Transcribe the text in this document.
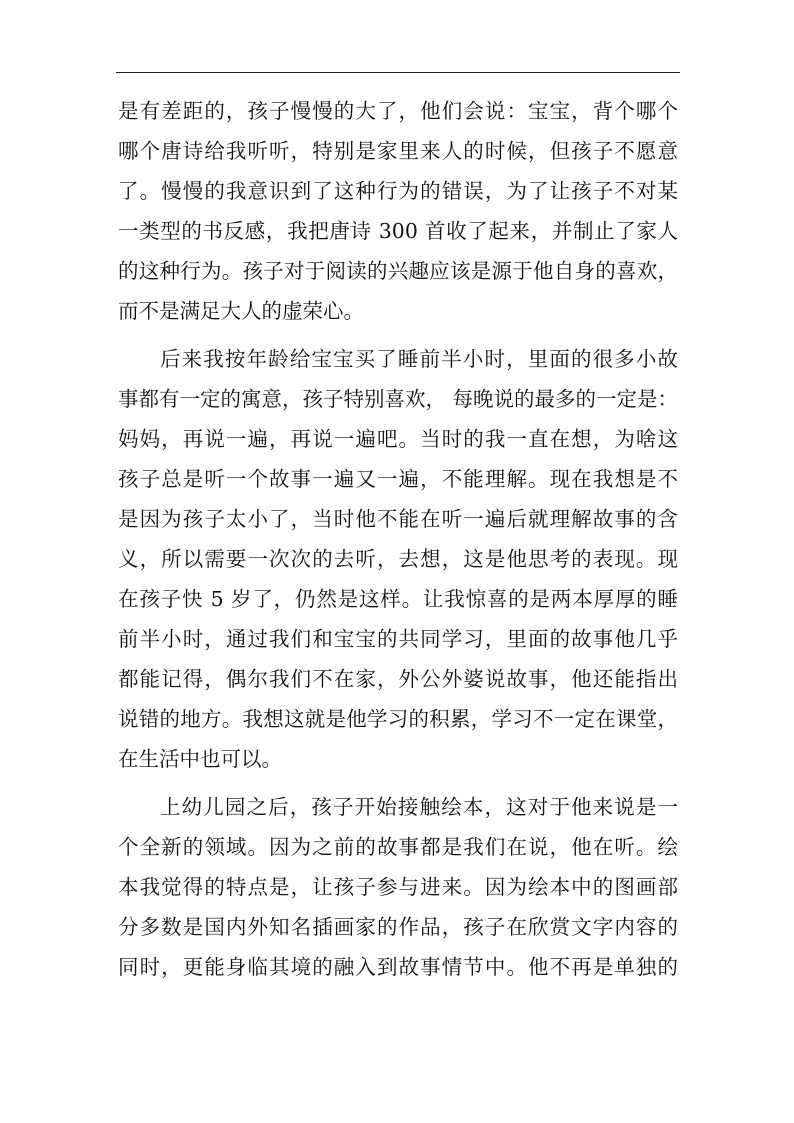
是有差距的，孩子慢慢的大了，他们会说：宝宝，背个哪个
哪个唐诗给我听听，特别是家里来人的时候，但孩子不愿意
了。慢慢的我意识到了这种行为的错误，为了让孩子不对某
一类型的书反感，我把唐诗 300 首收了起来，并制止了家人
的这种行为。孩子对于阅读的兴趣应该是源于他自身的喜欢，
而不是满足大人的虚荣心。
后来我按年龄给宝宝买了睡前半小时，里面的很多小故
事都有一定的寓意，孩子特别喜欢， 每晚说的最多的一定是：
妈妈，再说一遍，再说一遍吧。当时的我一直在想，为啥这
孩子总是听一个故事一遍又一遍，不能理解。现在我想是不
是因为孩子太小了，当时他不能在听一遍后就理解故事的含
义，所以需要一次次的去听，去想，这是他思考的表现。现
在孩子快 5 岁了，仍然是这样。让我惊喜的是两本厚厚的睡
前半小时，通过我们和宝宝的共同学习，里面的故事他几乎
都能记得，偶尔我们不在家，外公外婆说故事，他还能指出
说错的地方。我想这就是他学习的积累，学习不一定在课堂，
在生活中也可以。
上幼儿园之后，孩子开始接触绘本，这对于他来说是一
个全新的领域。因为之前的故事都是我们在说，他在听。绘
本我觉得的特点是，让孩子参与进来。因为绘本中的图画部
分多数是国内外知名插画家的作品，孩子在欣赏文字内容的
同时，更能身临其境的融入到故事情节中。他不再是单独的
